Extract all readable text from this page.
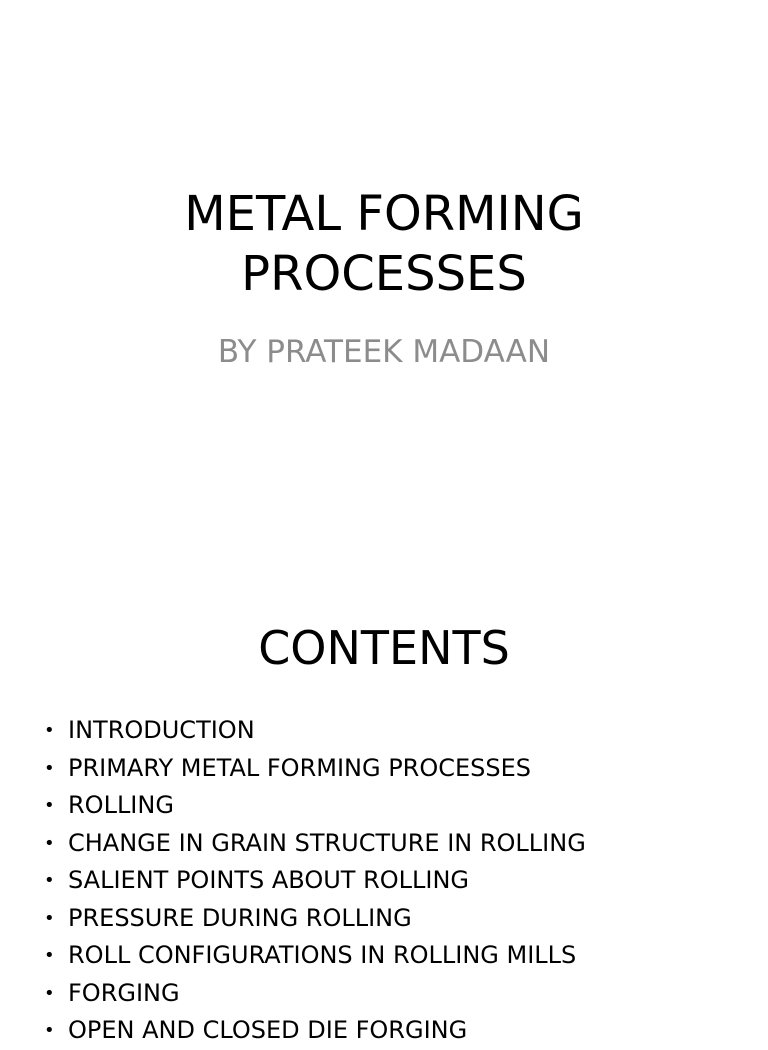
METAL FORMING
PROCESSES

BY PRATEEK MADAAN

CONTENTS
• INTRODUCTION
• PRIMARY METAL FORMING PROCESSES
• ROLLING
• CHANGE IN GRAIN STRUCTURE IN ROLLING
• SALIENT POINTS ABOUT ROLLING
• PRESSURE DURING ROLLING
• ROLL CONFIGURATIONS IN ROLLING MILLS
• FORGING
• OPEN AND CLOSED DIE FORGING
